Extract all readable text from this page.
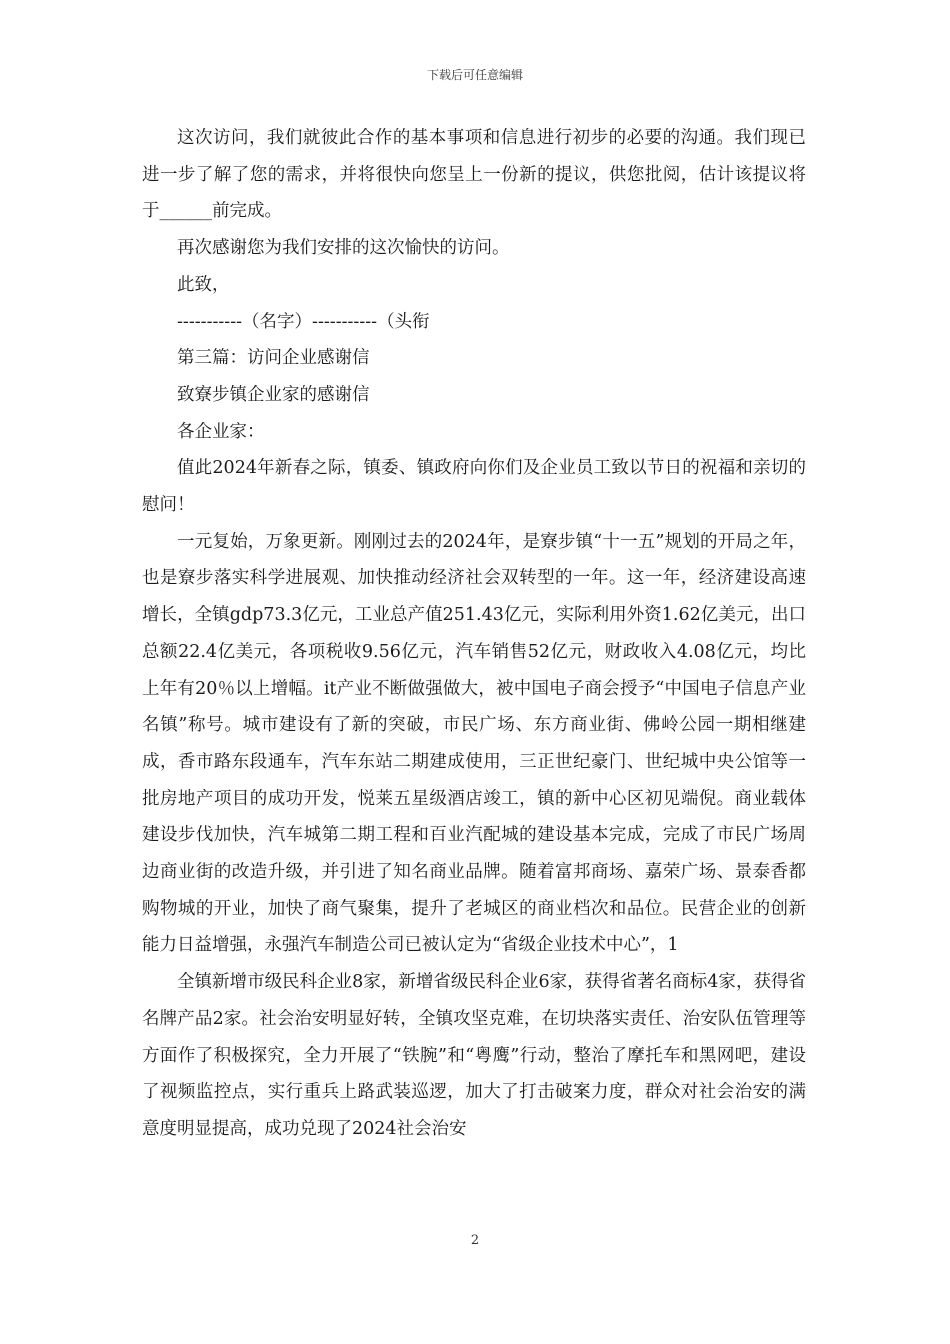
下载后可任意编辑

这次访问，我们就彼此合作的基本事项和信息进行初步的必要的沟通。我们现已进一步了解了您的需求，并将很快向您呈上一份新的提议，供您批阅，估计该提议将于______前完成。

再次感谢您为我们安排的这次愉快的访问。

此致，

-----------（名字）-----------（头衔

第三篇：访问企业感谢信

致寮步镇企业家的感谢信

各企业家：

值此2024年新春之际，镇委、镇政府向你们及企业员工致以节日的祝福和亲切的慰问！

一元复始，万象更新。刚刚过去的2024年，是寮步镇“十一五”规划的开局之年，也是寮步落实科学进展观、加快推动经济社会双转型的一年。这一年，经济建设高速增长，全镇gdp73.3亿元，工业总产值251.43亿元，实际利用外资1.62亿美元，出口总额22.4亿美元，各项税收9.56亿元，汽车销售52亿元，财政收入4.08亿元，均比上年有20％以上增幅。it产业不断做强做大，被中国电子商会授予“中国电子信息产业名镇”称号。城市建设有了新的突破，市民广场、东方商业街、佛岭公园一期相继建成，香市路东段通车，汽车东站二期建成使用，三正世纪豪门、世纪城中央公馆等一批房地产项目的成功开发，悦莱五星级酒店竣工，镇的新中心区初见端倪。商业载体建设步伐加快，汽车城第二期工程和百业汽配城的建设基本完成，完成了市民广场周边商业街的改造升级，并引进了知名商业品牌。随着富邦商场、嘉荣广场、景泰香都购物城的开业，加快了商气聚集，提升了老城区的商业档次和品位。民营企业的创新能力日益增强，永强汽车制造公司已被认定为“省级企业技术中心”，1

全镇新增市级民科企业8家，新增省级民科企业6家，获得省著名商标4家，获得省名牌产品2家。社会治安明显好转，全镇攻坚克难，在切块落实责任、治安队伍管理等方面作了积极探究，全力开展了“铁腕”和“粤鹰”行动，整治了摩托车和黑网吧，建设了视频监控点，实行重兵上路武装巡逻，加大了打击破案力度，群众对社会治安的满意度明显提高，成功兑现了2024社会治安

2
